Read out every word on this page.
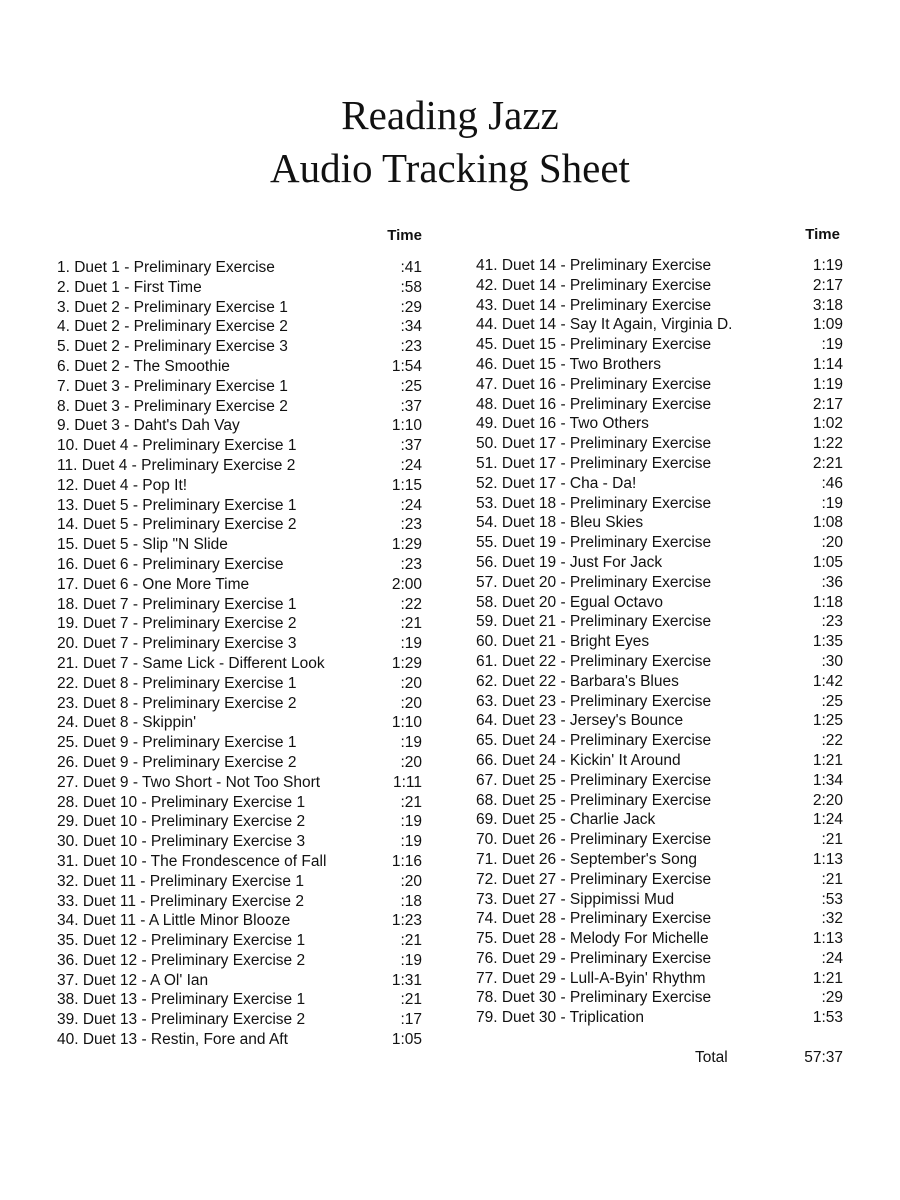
Reading Jazz
Audio Tracking Sheet
Time
1. Duet 1 - Preliminary Exercise	:41
2. Duet 1 - First Time	:58
3. Duet 2 - Preliminary Exercise 1	:29
4. Duet 2 - Preliminary Exercise 2	:34
5. Duet 2 - Preliminary Exercise 3	:23
6. Duet 2 - The Smoothie	1:54
7. Duet 3 - Preliminary Exercise 1	:25
8. Duet 3 - Preliminary Exercise 2	:37
9. Duet 3 - Daht's Dah Vay	1:10
10. Duet 4 - Preliminary Exercise 1	:37
11. Duet 4 - Preliminary Exercise 2	:24
12. Duet 4 - Pop It!	1:15
13. Duet 5 - Preliminary Exercise 1	:24
14. Duet 5 - Preliminary Exercise 2	:23
15. Duet 5 - Slip "N Slide	1:29
16. Duet 6 - Preliminary Exercise	:23
17. Duet 6 - One More Time	2:00
18. Duet 7 - Preliminary Exercise 1	:22
19. Duet 7 - Preliminary Exercise 2	:21
20. Duet 7 - Preliminary Exercise 3	:19
21. Duet 7 - Same Lick - Different Look	1:29
22. Duet 8 - Preliminary Exercise 1	:20
23. Duet 8 - Preliminary Exercise 2	:20
24. Duet 8 - Skippin'	1:10
25. Duet 9 - Preliminary Exercise 1	:19
26. Duet 9 - Preliminary Exercise 2	:20
27. Duet 9 - Two Short - Not Too Short	1:11
28. Duet 10 - Preliminary Exercise 1	:21
29. Duet 10 - Preliminary Exercise 2	:19
30. Duet 10 - Preliminary Exercise 3	:19
31. Duet 10 - The Frondescence of Fall	1:16
32. Duet 11 - Preliminary Exercise 1	:20
33. Duet 11 - Preliminary Exercise 2	:18
34. Duet 11 - A Little Minor Blooze	1:23
35. Duet 12 - Preliminary Exercise 1	:21
36. Duet 12 - Preliminary Exercise 2	:19
37. Duet 12 - A Ol' Ian	1:31
38. Duet 13 - Preliminary Exercise 1	:21
39. Duet 13 - Preliminary Exercise 2	:17
40. Duet 13 - Restin, Fore and Aft	1:05
Time
41. Duet 14 - Preliminary Exercise	1:19
42. Duet 14 - Preliminary Exercise	2:17
43. Duet 14 - Preliminary Exercise	3:18
44. Duet 14 - Say It Again, Virginia D.	1:09
45. Duet 15 - Preliminary Exercise	:19
46. Duet 15 - Two Brothers	1:14
47. Duet 16 - Preliminary Exercise	1:19
48. Duet 16 - Preliminary Exercise	2:17
49. Duet 16 - Two Others	1:02
50. Duet 17 - Preliminary Exercise	1:22
51. Duet 17 - Preliminary Exercise	2:21
52. Duet 17 - Cha - Da!	:46
53. Duet 18 - Preliminary Exercise	:19
54. Duet 18 - Bleu Skies	1:08
55. Duet 19 - Preliminary Exercise	:20
56. Duet 19 - Just For Jack	1:05
57. Duet 20 - Preliminary Exercise	:36
58. Duet 20 - Egual Octavo	1:18
59. Duet 21 - Preliminary Exercise	:23
60. Duet 21 - Bright Eyes	1:35
61. Duet 22 - Preliminary Exercise	:30
62. Duet 22 - Barbara's Blues	1:42
63. Duet 23 - Preliminary Exercise	:25
64. Duet 23 - Jersey's Bounce	1:25
65. Duet 24 - Preliminary Exercise	:22
66. Duet 24 - Kickin' It Around	1:21
67. Duet 25 - Preliminary Exercise	1:34
68. Duet 25 - Preliminary Exercise	2:20
69. Duet 25 - Charlie Jack	1:24
70. Duet 26 - Preliminary Exercise	:21
71. Duet 26 - September's Song	1:13
72. Duet 27 - Preliminary Exercise	:21
73. Duet 27 - Sippimissi Mud	:53
74. Duet 28 - Preliminary Exercise	:32
75. Duet 28 - Melody For Michelle	1:13
76. Duet 29 - Preliminary Exercise	:24
77. Duet 29 - Lull-A-Byin' Rhythm	1:21
78. Duet 30 - Preliminary Exercise	:29
79. Duet 30 - Triplication	1:53
Total	57:37
